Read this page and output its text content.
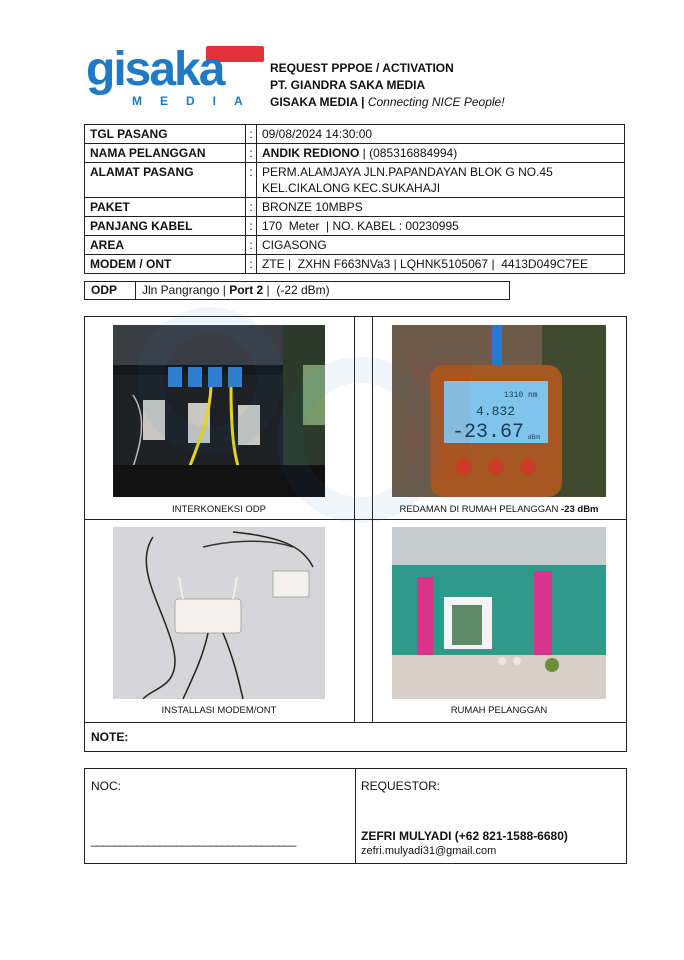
gisaka
MEDIA
REQUEST PPPOE / ACTIVATION
PT. GIANDRA SAKA MEDIA
GISAKA MEDIA | Connecting NICE People!
TGL PASANG	:	09/08/2024 14:30:00
NAMA PELANGGAN	:	ANDIK REDIONO | (085316884994)
ALAMAT PASANG	:	PERM.ALAMJAYA JLN.PAPANDAYAN BLOK G NO.45
KEL.CIKALONG KEC.SUKAHAJI

PAKET	:	BRONZE 10MBPS
PANJANG KABEL	:	170  Meter  | NO. KABEL : 00230995
AREA	:	CIGASONG
MODEM / ONT	:	ZTE |  ZXHN F663NVa3 | LQHNK5105067 |  4413D049C7EE
ODP	Jln Pangrango | Port 2 |  (-22 dBm)
INTERKONEKSI ODP
1310 nm
4.832
-23.67 dBm
REDAMAN DI RUMAH PELANGGAN -23 dBm
INSTALLASI MODEM/ONT	RUMAH PELANGGAN
NOTE:
NOC:
____________________________________
REQUESTOR:
ZEFRI MULYADI (+62 821-1588-6680)
zefri.mulyadi31@gmail.com
